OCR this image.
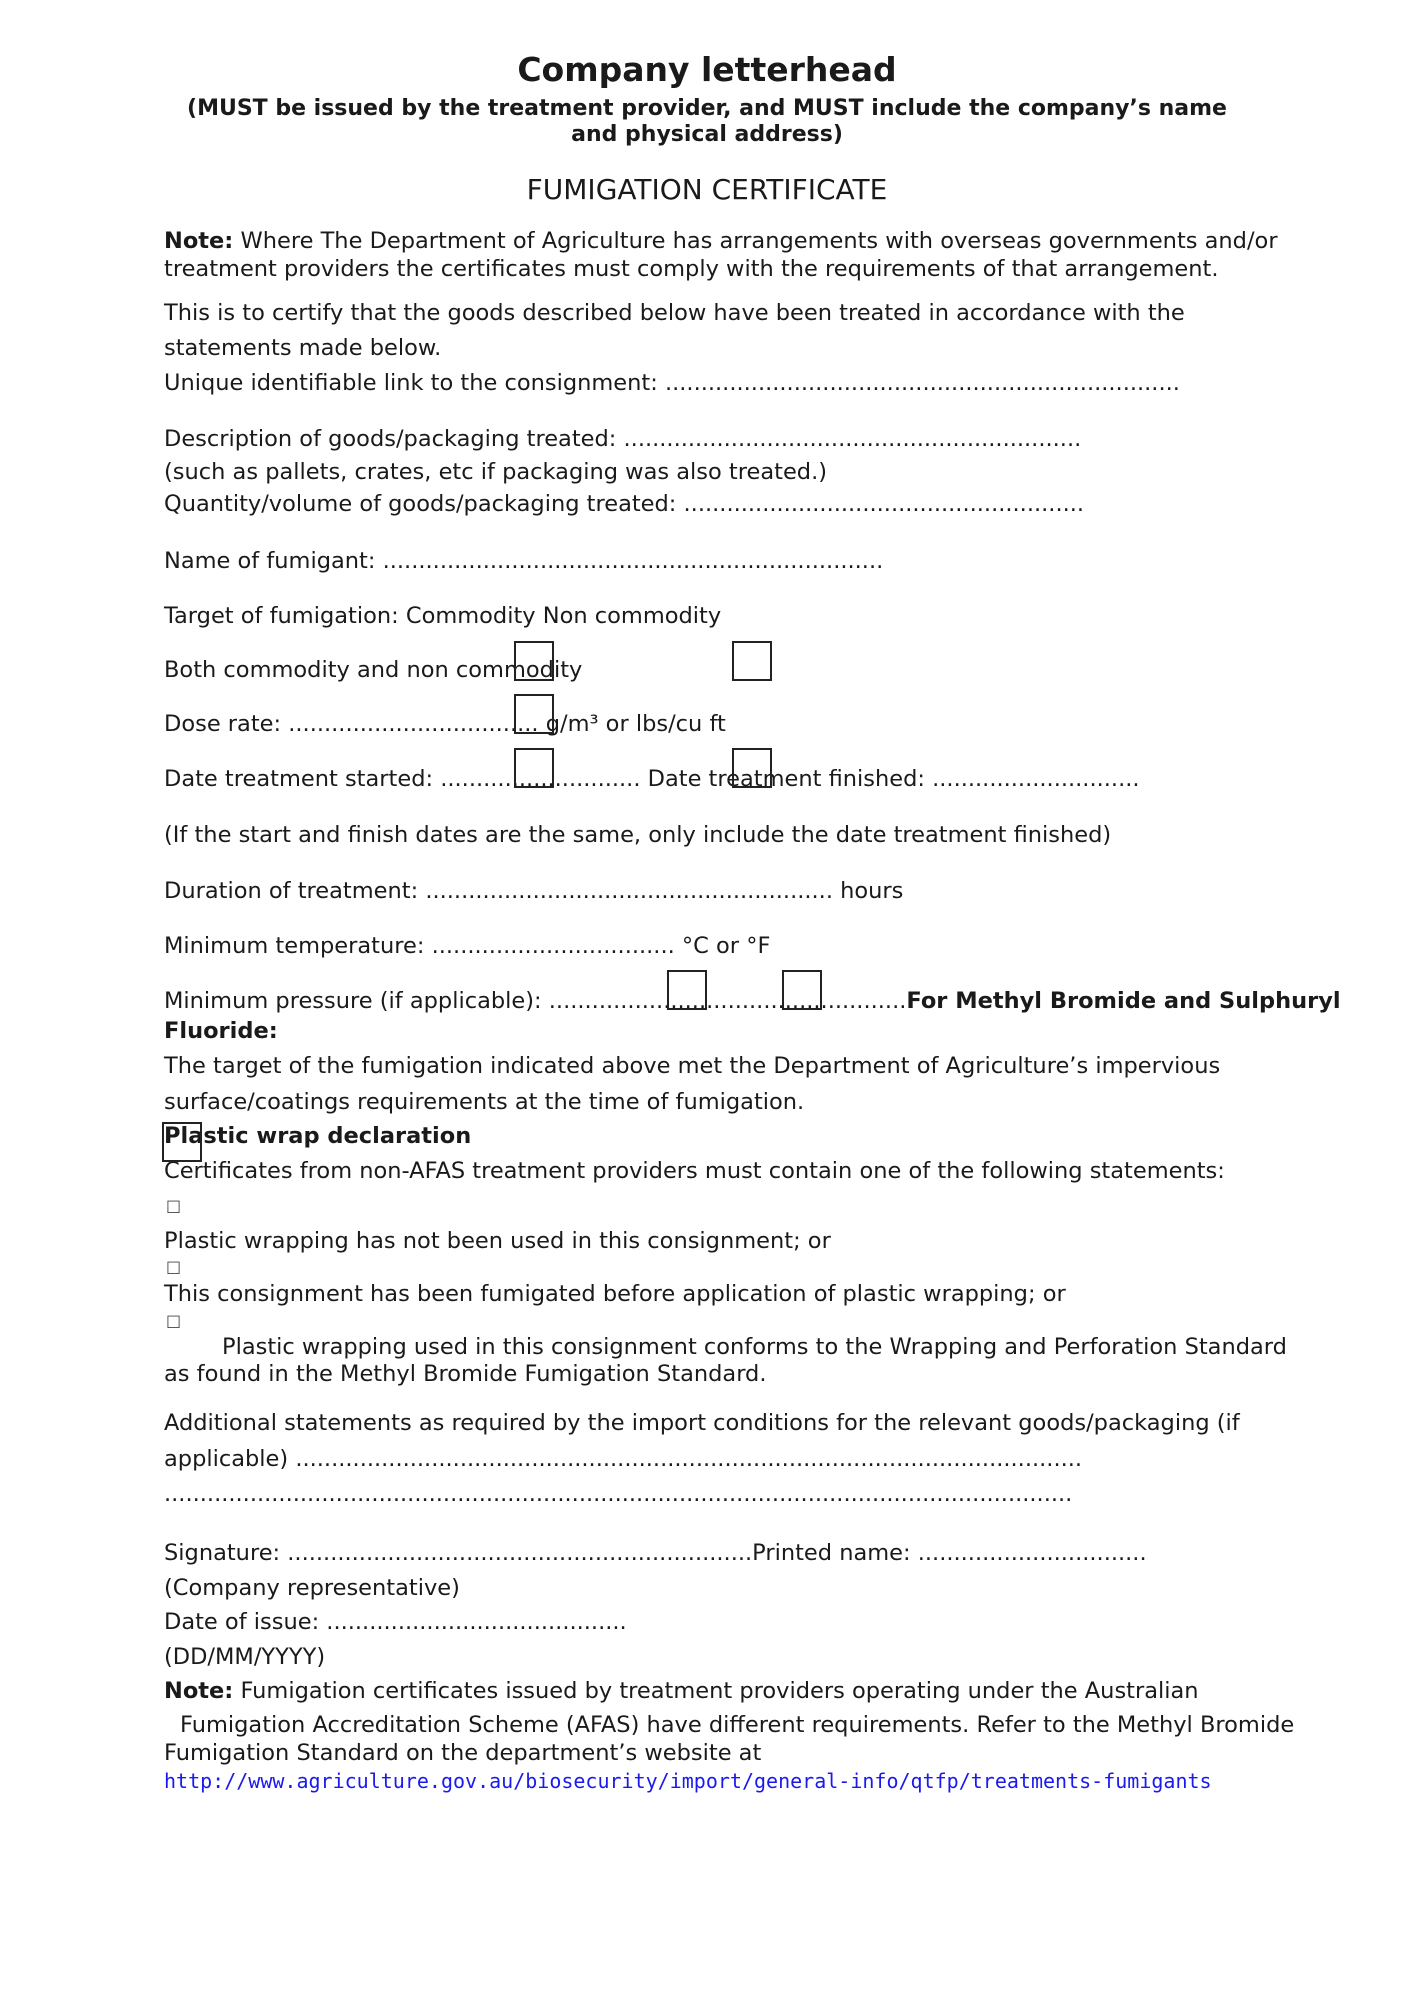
Company letterhead
(MUST be issued by the treatment provider, and MUST include the company’s name
and physical address)
FUMIGATION CERTIFICATE
Note: Where The Department of Agriculture has arrangements with overseas governments and/or
treatment providers the certificates must comply with the requirements of that arrangement.
This is to certify that the goods described below have been treated in accordance with the
statements made below.
Unique identifiable link to the consignment: ........................................................................
Description of goods/packaging treated: ................................................................
(such as pallets, crates, etc if packaging was also treated.)
Quantity/volume of goods/packaging treated: ........................................................
Name of fumigant: ......................................................................
Target of fumigation: Commodity Non commodity
Both commodity and non commodity
Dose rate: ................................... g/m³ or lbs/cu ft
Date treatment started: ............................ Date treatment finished: .............................
(If the start and finish dates are the same, only include the date treatment finished)
Duration of treatment: ......................................................... hours
Minimum temperature: .................................. °C or °F
Minimum pressure (if applicable): ..................................................For Methyl Bromide and Sulphuryl
Fluoride:
The target of the fumigation indicated above met the Department of Agriculture’s impervious
surface/coatings requirements at the time of fumigation.
Plastic wrap declaration
Certificates from non-AFAS treatment providers must contain one of the following statements:
□
Plastic wrapping has not been used in this consignment; or
□
This consignment has been fumigated before application of plastic wrapping; or
□
Plastic wrapping used in this consignment conforms to the Wrapping and Perforation Standard
as found in the Methyl Bromide Fumigation Standard.
Additional statements as required by the import conditions for the relevant goods/packaging (if
applicable) ..............................................................................................................
...............................................................................................................................
Signature: .................................................................Printed name: ................................
(Company representative)
Date of issue: ..........................................
(DD/MM/YYYY)
Note: Fumigation certificates issued by treatment providers operating under the Australian
Fumigation Accreditation Scheme (AFAS) have different requirements. Refer to the Methyl Bromide
Fumigation Standard on the department’s website at
http://www.agriculture.gov.au/biosecurity/import/general-info/qtfp/treatments-fumigants
